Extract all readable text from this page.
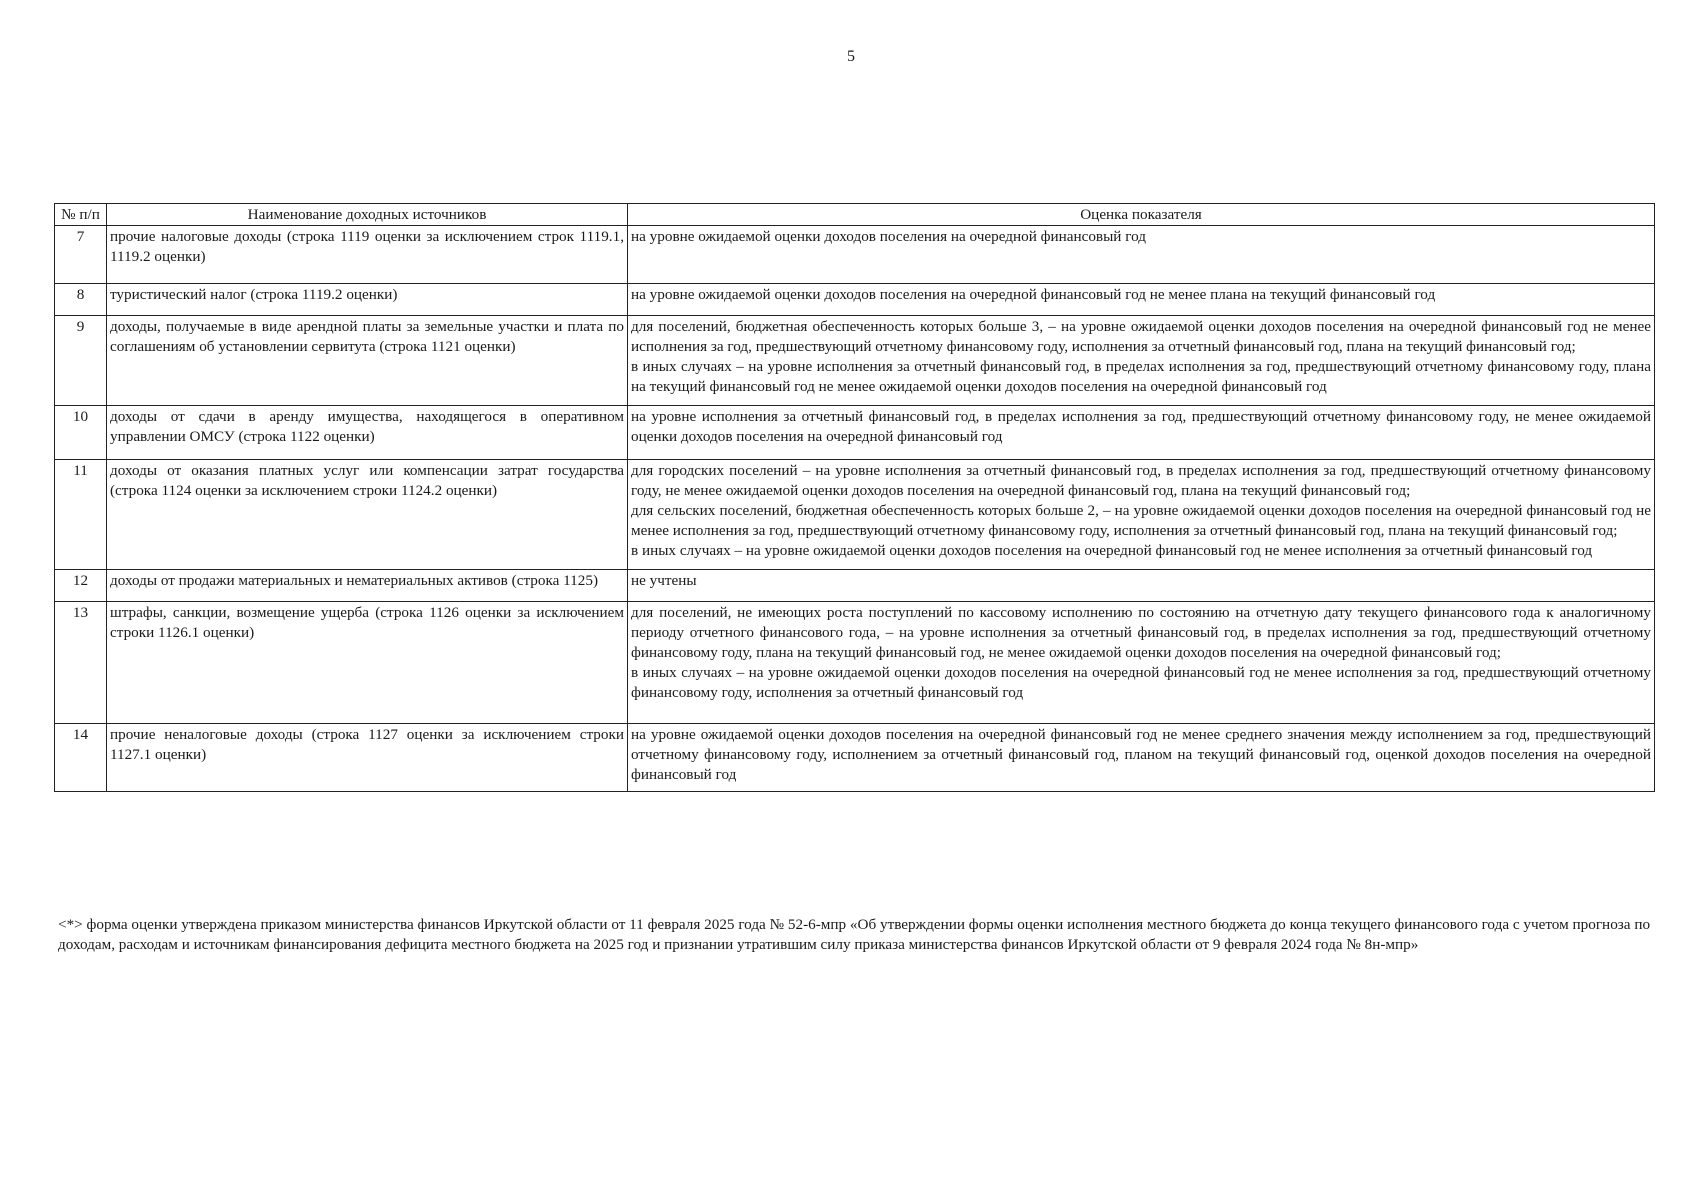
5
№ п/п	Наименование доходных источников	Оценка показателя
7	прочие налоговые доходы (строка 1119 оценки за исключением строк 1119.1, 1119.2 оценки)	на уровне ожидаемой оценки доходов поселения на очередной финансовый год

8	туристический налог (строка 1119.2 оценки)	на уровне ожидаемой оценки доходов поселения на очередной финансовый год не менее плана на текущий финансовый год

9	доходы, получаемые в виде арендной платы за земельные участки и плата по соглашениям об установлении сервитута (строка 1121 оценки)	для поселений, бюджетная обеспеченность которых больше 3, – на уровне ожидаемой оценки доходов поселения на очередной финансовый год не менее исполнения за год, предшествующий отчетному финансовому году, исполнения за отчетный финансовый год, плана на текущий финансовый год;
в иных случаях – на уровне исполнения за отчетный финансовый год, в пределах исполнения за год, предшествующий отчетному финансовому году, плана на текущий финансовый год не менее ожидаемой оценки доходов поселения на очередной финансовый год

10	доходы от сдачи в аренду имущества, находящегося в оперативном управлении ОМСУ (строка 1122 оценки)	на уровне исполнения за отчетный финансовый год, в пределах исполнения за год, предшествующий отчетному финансовому году, не менее ожидаемой оценки доходов поселения на очередной финансовый год

11	доходы от оказания платных услуг или компенсации затрат государства (строка 1124 оценки за исключением строки 1124.2 оценки)	для городских поселений – на уровне исполнения за отчетный финансовый год, в пределах исполнения за год, предшествующий отчетному финансовому году, не менее ожидаемой оценки доходов поселения на очередной финансовый год, плана на текущий финансовый год;
для сельских поселений, бюджетная обеспеченность которых больше 2, – на уровне ожидаемой оценки доходов поселения на очередной финансовый год не менее исполнения за год, предшествующий отчетному финансовому году, исполнения за отчетный финансовый год, плана на текущий финансовый год;
в иных случаях – на уровне ожидаемой оценки доходов поселения на очередной финансовый год не менее исполнения за отчетный финансовый год

12	доходы от продажи материальных и нематериальных активов (строка 1125)	не учтены

13	штрафы, санкции, возмещение ущерба (строка 1126 оценки за исключением строки 1126.1 оценки)	для поселений, не имеющих роста поступлений по кассовому исполнению по состоянию на отчетную дату текущего финансового года к аналогичному периоду отчетного финансового года, – на уровне исполнения за отчетный финансовый год, в пределах исполнения за год, предшествующий отчетному финансовому году, плана на текущий финансовый год, не менее ожидаемой оценки доходов поселения на очередной финансовый год;
в иных случаях – на уровне ожидаемой оценки доходов поселения на очередной финансовый год не менее исполнения за год, предшествующий отчетному финансовому году, исполнения за отчетный финансовый год

14	прочие неналоговые доходы (строка 1127 оценки за исключением строки 1127.1 оценки)	на уровне ожидаемой оценки доходов поселения на очередной финансовый год не менее среднего значения между исполнением за год, предшествующий отчетному финансовому году, исполнением за отчетный финансовый год, планом на текущий финансовый год, оценкой доходов поселения на очередной финансовый год
<*> форма оценки утверждена приказом министерства финансов Иркутской области от 11 февраля 2025 года № 52-6-мпр «Об утверждении формы оценки исполнения местного бюджета до конца текущего финансового года с учетом прогноза по доходам, расходам и источникам финансирования дефицита местного бюджета на 2025 год и признании утратившим силу приказа министерства финансов Иркутской области от 9 февраля 2024 года № 8н-мпр»
